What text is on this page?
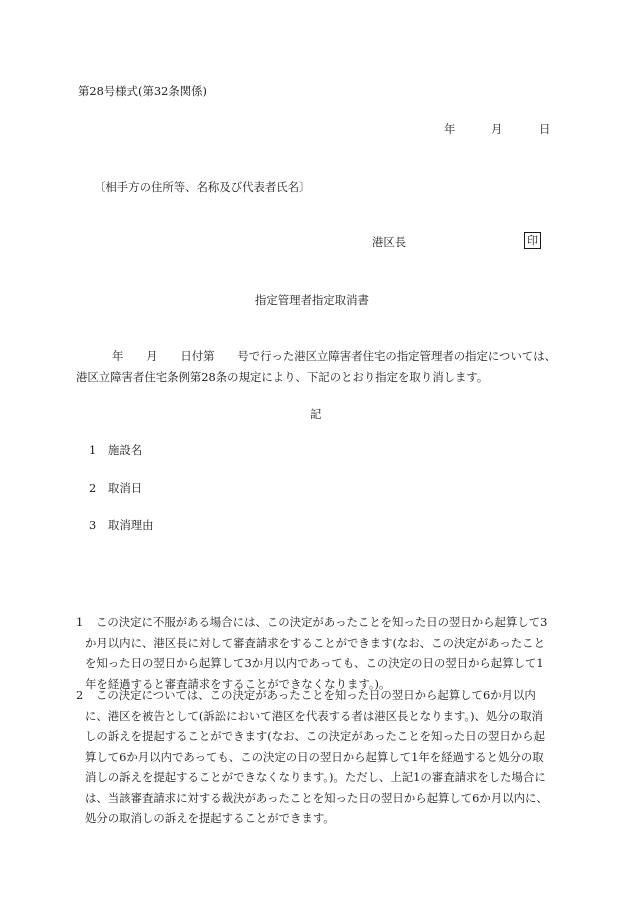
第28号様式(第32条関係)
年	月	日
〔相手方の住所等、名称及び代表者氏名〕
港区長	印
指定管理者指定取消書
年　　月　　日付第　　号で行った港区立障害者住宅の指定管理者の指定については、港区立障害者住宅条例第28条の規定により、下記のとおり指定を取り消します。
記
1 施設名
2 取消日
3 取消理由
1 この決定に不服がある場合には、この決定があったことを知った日の翌日から起算して3か月以内に、港区長に対して審査請求をすることができます(なお、この決定があったことを知った日の翌日から起算して3か月以内であっても、この決定の日の翌日から起算して1年を経過すると審査請求をすることができなくなります。)。
2 この決定については、この決定があったことを知った日の翌日から起算して6か月以内に、港区を被告として(訴訟において港区を代表する者は港区長となります。)、処分の取消しの訴えを提起することができます(なお、この決定があったことを知った日の翌日から起算して6か月以内であっても、この決定の日の翌日から起算して1年を経過すると処分の取消しの訴えを提起することができなくなります。)。ただし、上記1の審査請求をした場合には、当該審査請求に対する裁決があったことを知った日の翌日から起算して6か月以内に、処分の取消しの訴えを提起することができます。
